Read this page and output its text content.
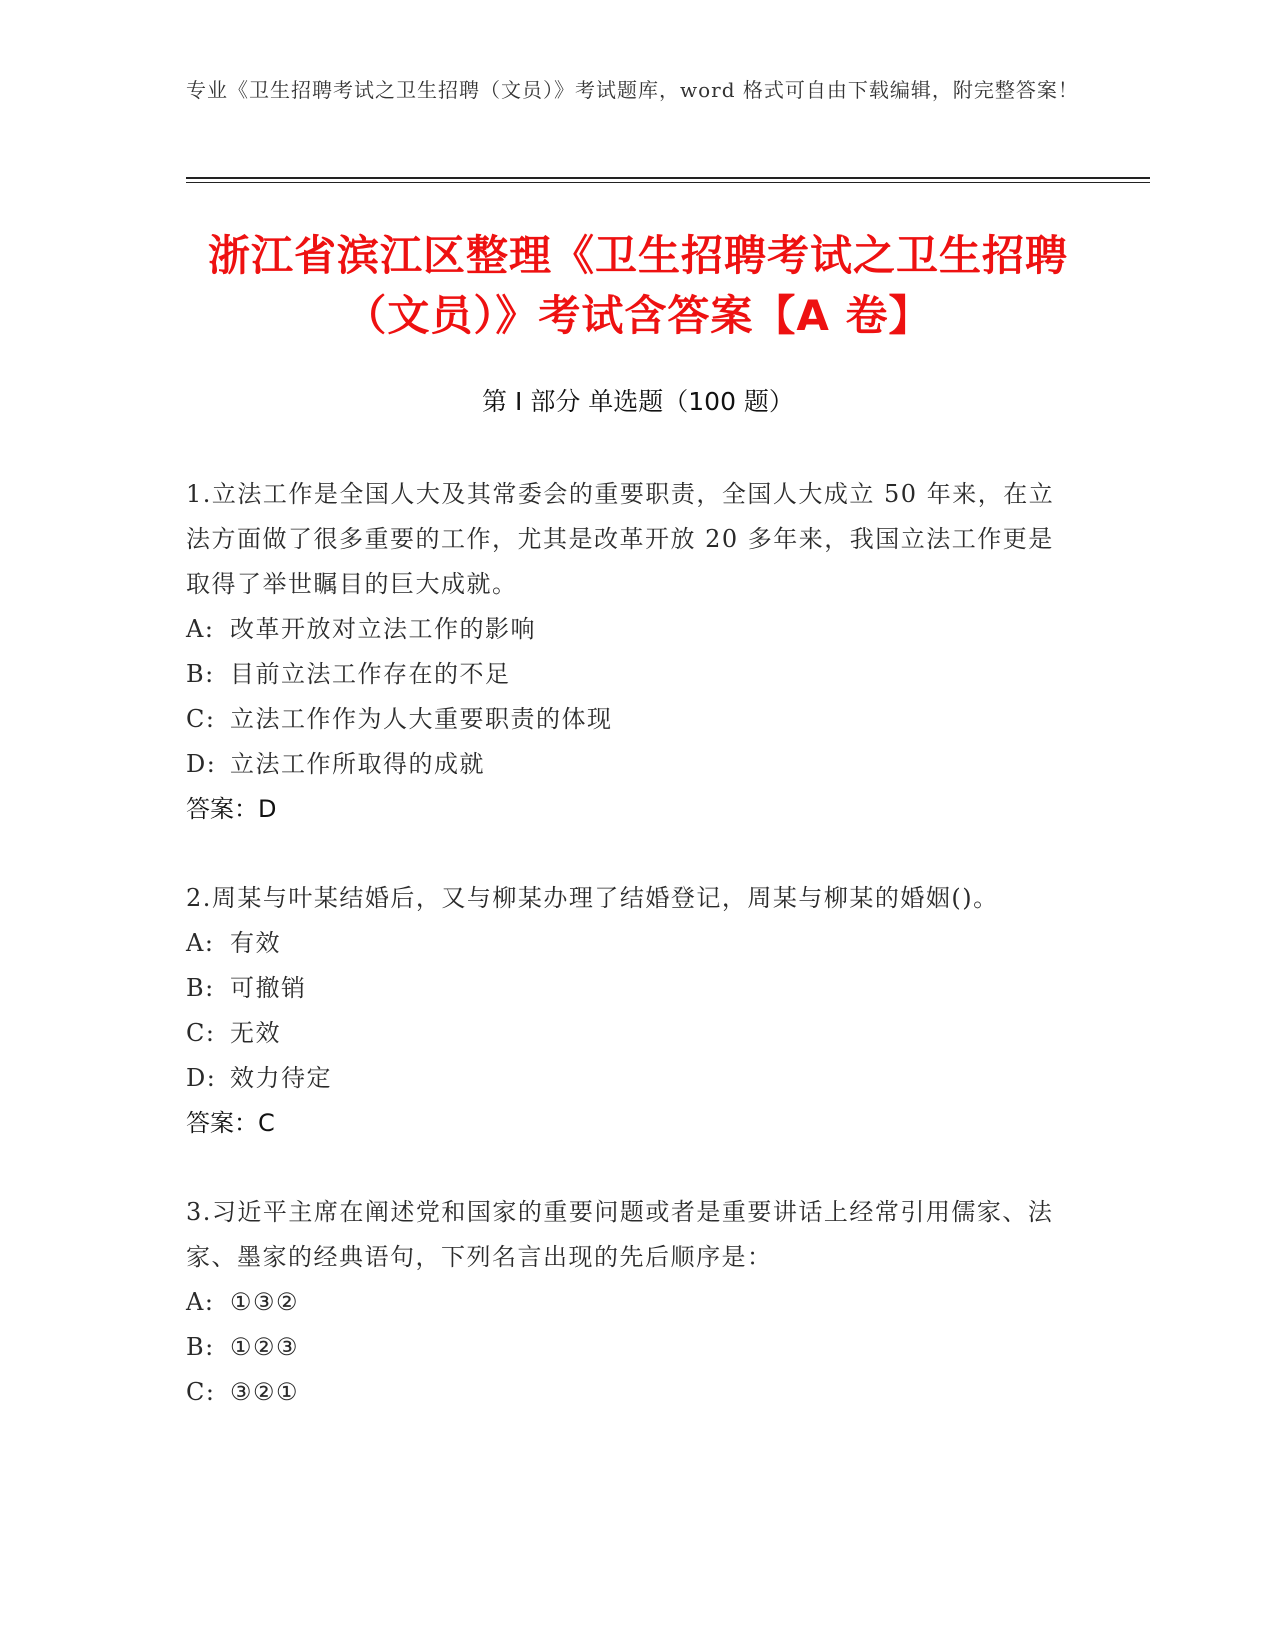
专业《卫生招聘考试之卫生招聘（文员）》考试题库，word 格式可自由下载编辑，附完整答案！
浙江省滨江区整理《卫生招聘考试之卫生招聘（文员）》考试含答案【A 卷】
第 I 部分 单选题（100 题）
1.立法工作是全国人大及其常委会的重要职责，全国人大成立 50 年来，在立法方面做了很多重要的工作，尤其是改革开放 20 多年来，我国立法工作更是取得了举世瞩目的巨大成就。
A: 改革开放对立法工作的影响
B: 目前立法工作存在的不足
C: 立法工作作为人大重要职责的体现
D: 立法工作所取得的成就
答案：D
2.周某与叶某结婚后，又与柳某办理了结婚登记，周某与柳某的婚姻()。
A: 有效
B: 可撤销
C: 无效
D: 效力待定
答案：C
3.习近平主席在阐述党和国家的重要问题或者是重要讲话上经常引用儒家、法家、墨家的经典语句，下列名言出现的先后顺序是：
A: ①③②
B: ①②③
C: ③②①
